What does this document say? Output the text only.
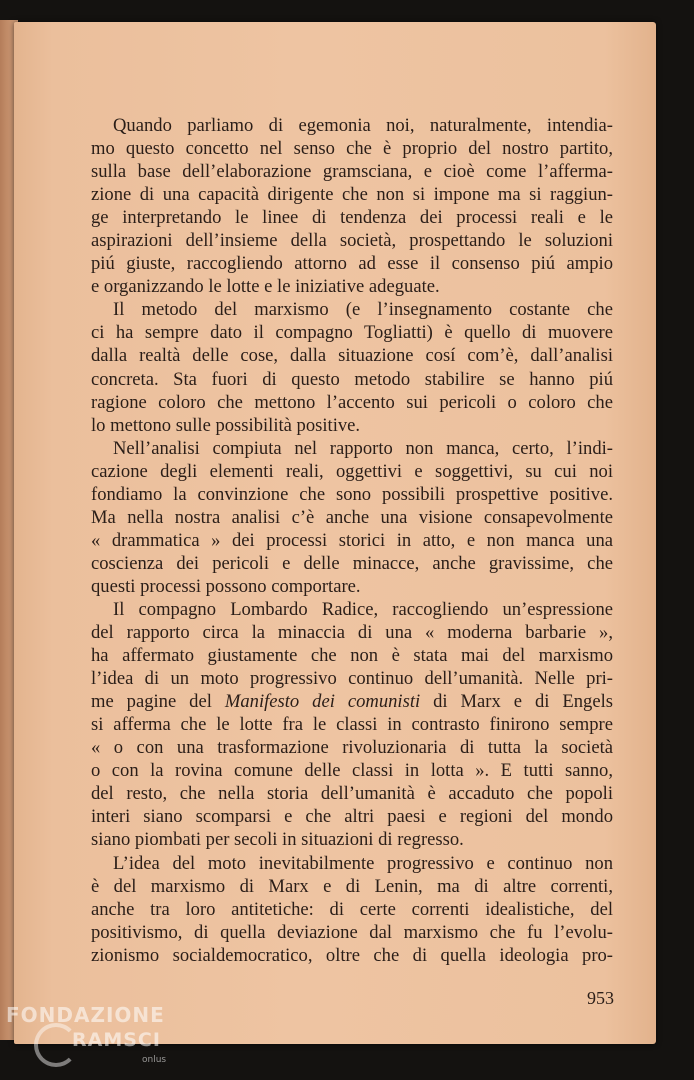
Quando parliamo di egemonia noi, naturalmente, intendia-
mo questo concetto nel senso che è proprio del nostro partito,
sulla base dell’elaborazione gramsciana, e cioè come l’afferma-
zione di una capacità dirigente che non si impone ma si raggiun-
ge interpretando le linee di tendenza dei processi reali e le
aspirazioni dell’insieme della società, prospettando le soluzioni
piú giuste, raccogliendo attorno ad esse il consenso piú ampio
e organizzando le lotte e le iniziative adeguate.
Il metodo del marxismo (e l’insegnamento costante che
ci ha sempre dato il compagno Togliatti) è quello di muovere
dalla realtà delle cose, dalla situazione cosí com’è, dall’analisi
concreta. Sta fuori di questo metodo stabilire se hanno piú
ragione coloro che mettono l’accento sui pericoli o coloro che
lo mettono sulle possibilità positive.
Nell’analisi compiuta nel rapporto non manca, certo, l’indi-
cazione degli elementi reali, oggettivi e soggettivi, su cui noi
fondiamo la convinzione che sono possibili prospettive positive.
Ma nella nostra analisi c’è anche una visione consapevolmente
« drammatica » dei processi storici in atto, e non manca una
coscienza dei pericoli e delle minacce, anche gravissime, che
questi processi possono comportare.
Il compagno Lombardo Radice, raccogliendo un’espressione
del rapporto circa la minaccia di una « moderna barbarie »,
ha affermato giustamente che non è stata mai del marxismo
l’idea di un moto progressivo continuo dell’umanità. Nelle pri-
me pagine del Manifesto dei comunisti di Marx e di Engels
si afferma che le lotte fra le classi in contrasto finirono sempre
« o con una trasformazione rivoluzionaria di tutta la società
o con la rovina comune delle classi in lotta ». E tutti sanno,
del resto, che nella storia dell’umanità è accaduto che popoli
interi siano scomparsi e che altri paesi e regioni del mondo
siano piombati per secoli in situazioni di regresso.
L’idea del moto inevitabilmente progressivo e continuo non
è del marxismo di Marx e di Lenin, ma di altre correnti,
anche tra loro antitetiche: di certe correnti idealistiche, del
positivismo, di quella deviazione dal marxismo che fu l’evolu-
zionismo socialdemocratico, oltre che di quella ideologia pro-
953
FONDAZIONE
RAMSCI
onlus
